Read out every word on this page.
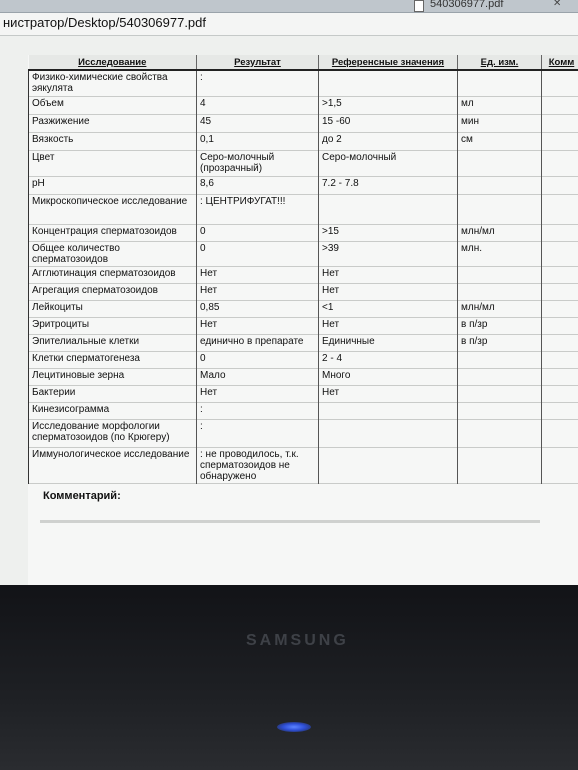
540306977.pdf	✕
нистратор/Desktop/540306977.pdf
Исследование	Результат	Референсные значения	Ед. изм.	Комм
Физико-химические свойства эякулята	:			
Объем	4	>1,5	мл	
Разжижение	45	15 -60	мин	
Вязкость	0,1	до 2	см	
Цвет	Серо-молочный (прозрачный)	Серо-молочный		
pH	8,6	7.2 - 7.8		
Микроскопическое исследование	: ЦЕНТРИФУГАТ!!!			
Концентрация сперматозоидов	0	>15	млн/мл	
Общее количество сперматозоидов	0	>39	млн.	
Агглютинация сперматозоидов	Нет	Нет		
Агрегация сперматозоидов	Нет	Нет		
Лейкоциты	0,85	<1	млн/мл	
Эритроциты	Нет	Нет	в п/зр	
Эпителиальные клетки	единично в препарате	Единичные	в п/зр	
Клетки сперматогенеза	0	2 - 4		
Лецитиновые зерна	Мало	Много		
Бактерии	Нет	Нет		
Кинезисограмма	:			
Исследование морфологии сперматозоидов (по Крюгеру)	:			
Иммунологическое исследование	: не проводилось, т.к. сперматозоидов не обнаружено			
Комментарий:
SAMSUNG
